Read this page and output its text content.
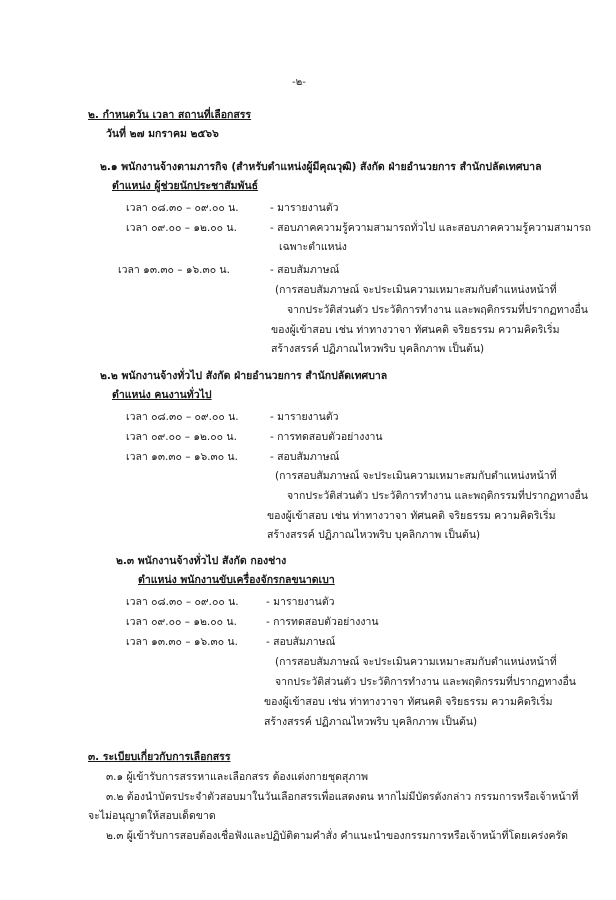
-๒-
๒. กำหนดวัน เวลา สถานที่เลือกสรร
วันที่ ๒๗ มกราคม ๒๕๖๖
๒.๑ พนักงานจ้างตามภารกิจ (สำหรับตำแหน่งผู้มีคุณวุฒิ) สังกัด ฝ่ายอำนวยการ สำนักปลัดเทศบาล
ตำแหน่ง ผู้ช่วยนักประชาสัมพันธ์
เวลา ๐๘.๓๐ – ๐๙.๐๐ น.	- มารายงานตัว
เวลา ๐๙.๐๐ – ๑๒.๐๐ น.	- สอบภาคความรู้ความสามารถทั่วไป และสอบภาคความรู้ความสามารถ
เฉพาะตำแหน่ง
เวลา ๑๓.๓๐ – ๑๖.๓๐ น.	- สอบสัมภาษณ์
(การสอบสัมภาษณ์ จะประเมินความเหมาะสมกับตำแหน่งหน้าที่
จากประวัติส่วนตัว ประวัติการทำงาน และพฤติกรรมที่ปรากฏทางอื่น
ของผู้เข้าสอบ เช่น ท่าทางวาจา ทัศนคติ จริยธรรม ความคิดริเริ่ม
สร้างสรรค์ ปฏิภาณไหวพริบ บุคลิกภาพ เป็นต้น)
๒.๒ พนักงานจ้างทั่วไป สังกัด ฝ่ายอำนวยการ สำนักปลัดเทศบาล
ตำแหน่ง คนงานทั่วไป
เวลา ๐๘.๓๐ – ๐๙.๐๐ น.	- มารายงานตัว
เวลา ๐๙.๐๐ – ๑๒.๐๐ น.	- การทดสอบตัวอย่างงาน
เวลา ๑๓.๓๐ – ๑๖.๓๐ น.	- สอบสัมภาษณ์
(การสอบสัมภาษณ์ จะประเมินความเหมาะสมกับตำแหน่งหน้าที่
จากประวัติส่วนตัว ประวัติการทำงาน และพฤติกรรมที่ปรากฏทางอื่น
ของผู้เข้าสอบ เช่น ท่าทางวาจา ทัศนคติ จริยธรรม ความคิดริเริ่ม
สร้างสรรค์ ปฏิภาณไหวพริบ บุคลิกภาพ เป็นต้น)
๒.๓ พนักงานจ้างทั่วไป สังกัด กองช่าง
ตำแหน่ง พนักงานขับเครื่องจักรกลขนาดเบา
เวลา ๐๘.๓๐ – ๐๙.๐๐ น.	- มารายงานตัว
เวลา ๐๙.๐๐ – ๑๒.๐๐ น.	- การทดสอบตัวอย่างงาน
เวลา ๑๓.๓๐ – ๑๖.๓๐ น.	- สอบสัมภาษณ์
(การสอบสัมภาษณ์ จะประเมินความเหมาะสมกับตำแหน่งหน้าที่
จากประวัติส่วนตัว ประวัติการทำงาน และพฤติกรรมที่ปรากฏทางอื่น
ของผู้เข้าสอบ เช่น ท่าทางวาจา ทัศนคติ จริยธรรม ความคิดริเริ่ม
สร้างสรรค์ ปฏิภาณไหวพริบ บุคลิกภาพ เป็นต้น)
๓. ระเบียบเกี่ยวกับการเลือกสรร
๓.๑ ผู้เข้ารับการสรรหาและเลือกสรร ต้องแต่งกายชุดสุภาพ
๓.๒ ต้องนำบัตรประจำตัวสอบมาในวันเลือกสรรเพื่อแสดงตน หากไม่มีบัตรดังกล่าว กรรมการหรือเจ้าหน้าที่
จะไม่อนุญาตให้สอบเด็ดขาด
๒.๓ ผู้เข้ารับการสอบต้องเชื่อฟังและปฏิบัติตามคำสั่ง คำแนะนำของกรรมการหรือเจ้าหน้าที่โดยเคร่งครัด
